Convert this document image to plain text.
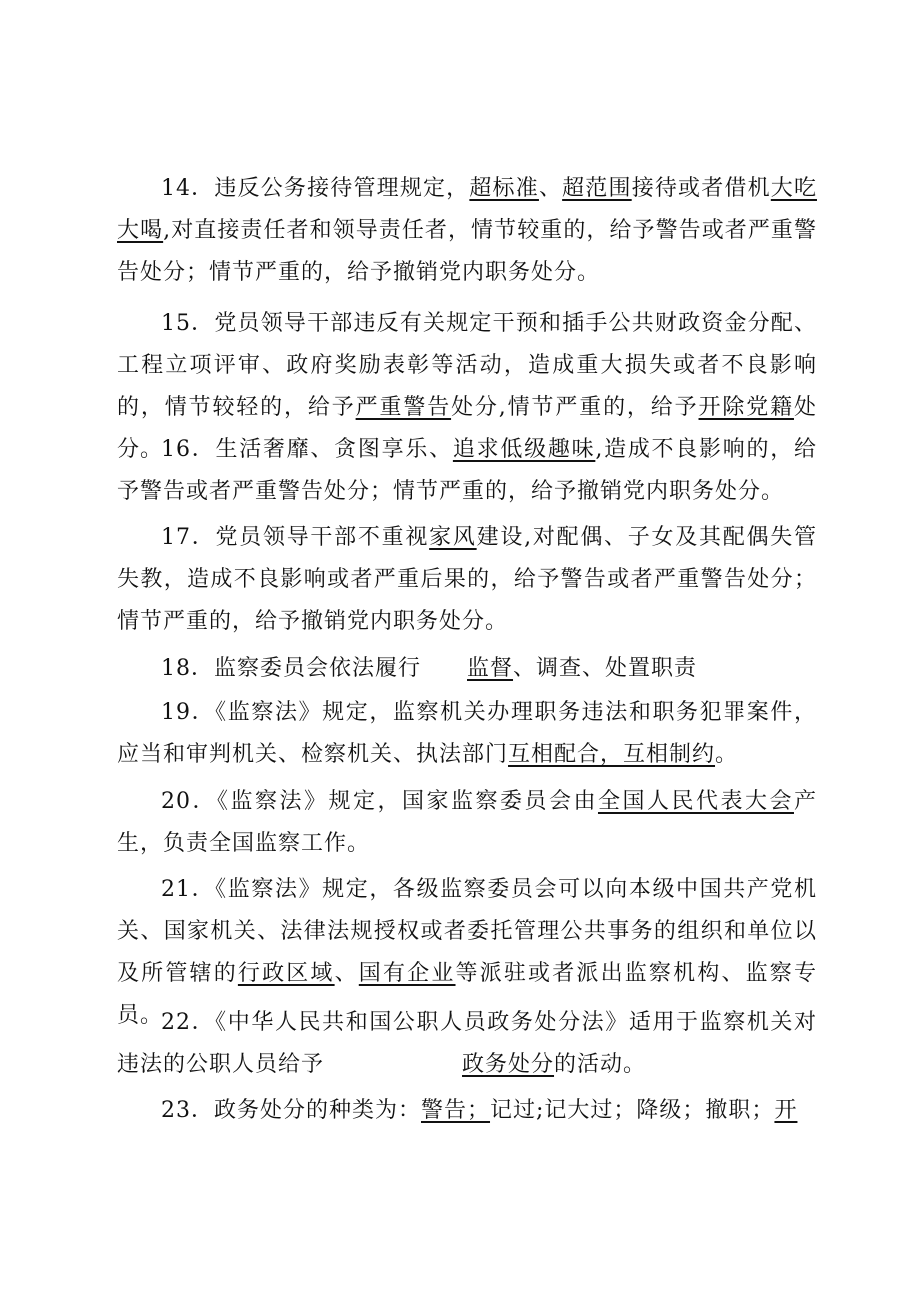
14．违反公务接待管理规定，超标准、超范围接待或者借机大吃大喝,对直接责任者和领导责任者，情节较重的，给予警告或者严重警告处分；情节严重的，给予撤销党内职务处分。

15．党员领导干部违反有关规定干预和插手公共财政资金分配、工程立项评审、政府奖励表彰等活动，造成重大损失或者不良影响的，情节较轻的，给予严重警告处分,情节严重的，给予开除党籍处分。

16．生活奢靡、贪图享乐、追求低级趣味,造成不良影响的，给予警告或者严重警告处分；情节严重的，给予撤销党内职务处分。

17．党员领导干部不重视家风建设,对配偶、子女及其配偶失管失教，造成不良影响或者严重后果的，给予警告或者严重警告处分；情节严重的，给予撤销党内职务处分。

18．监察委员会依法履行　　监督、调查、处置职责

19．《监察法》规定，监察机关办理职务违法和职务犯罪案件，应当和审判机关、检察机关、执法部门互相配合，互相制约。

20．《监察法》规定，国家监察委员会由全国人民代表大会产生，负责全国监察工作。

21．《监察法》规定，各级监察委员会可以向本级中国共产党机关、国家机关、法律法规授权或者委托管理公共事务的组织和单位以及所管辖的行政区域、国有企业等派驻或者派出监察机构、监察专员。

22．《中华人民共和国公职人员政务处分法》适用于监察机关对违法的公职人员给予　　　　　　政务处分的活动。

23．政务处分的种类为：警告；记过;记大过；降级；撤职；开
